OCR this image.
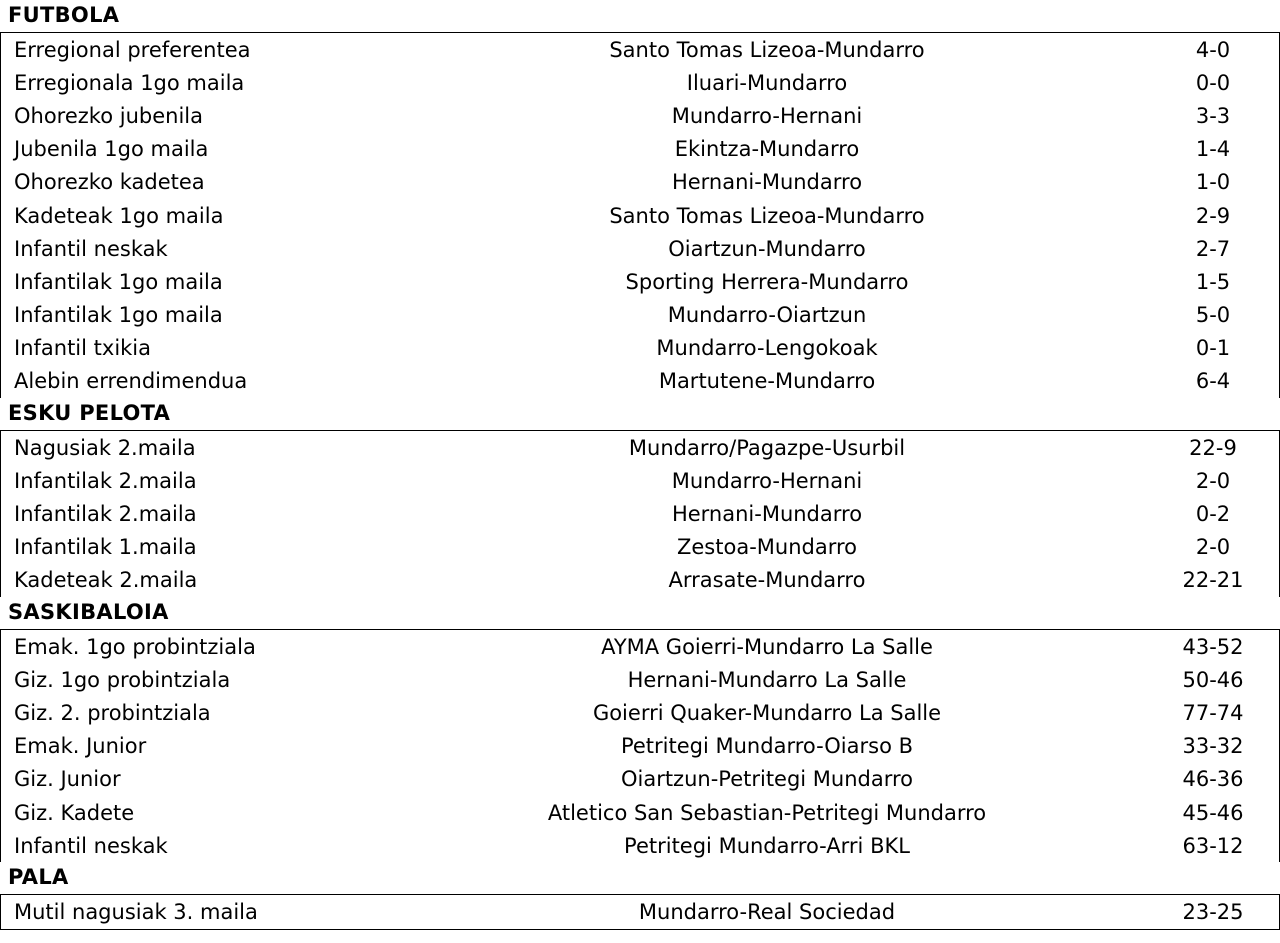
FUTBOLA
Erregional preferentea	Santo Tomas Lizeoa-Mundarro	4-0
Erregionala 1go maila	Iluari-Mundarro	0-0
Ohorezko jubenila	Mundarro-Hernani	3-3
Jubenila 1go maila	Ekintza-Mundarro	1-4
Ohorezko kadetea	Hernani-Mundarro	1-0
Kadeteak 1go maila	Santo Tomas Lizeoa-Mundarro	2-9
Infantil neskak	Oiartzun-Mundarro	2-7
Infantilak 1go maila	Sporting Herrera-Mundarro	1-5
Infantilak 1go maila	Mundarro-Oiartzun	5-0
Infantil txikia	Mundarro-Lengokoak	0-1
Alebin errendimendua	Martutene-Mundarro	6-4
ESKU PELOTA
Nagusiak 2.maila	Mundarro/Pagazpe-Usurbil	22-9
Infantilak 2.maila	Mundarro-Hernani	2-0
Infantilak 2.maila	Hernani-Mundarro	0-2
Infantilak 1.maila	Zestoa-Mundarro	2-0
Kadeteak 2.maila	Arrasate-Mundarro	22-21
SASKIBALOIA
Emak. 1go probintziala	AYMA Goierri-Mundarro La Salle	43-52
Giz. 1go probintziala	Hernani-Mundarro La Salle	50-46
Giz. 2. probintziala	Goierri Quaker-Mundarro La Salle	77-74
Emak. Junior	Petritegi Mundarro-Oiarso B	33-32
Giz. Junior	Oiartzun-Petritegi Mundarro	46-36
Giz. Kadete	Atletico San Sebastian-Petritegi Mundarro	45-46
Infantil neskak	Petritegi Mundarro-Arri BKL	63-12
PALA
Mutil nagusiak 3. maila	Mundarro-Real Sociedad	23-25
